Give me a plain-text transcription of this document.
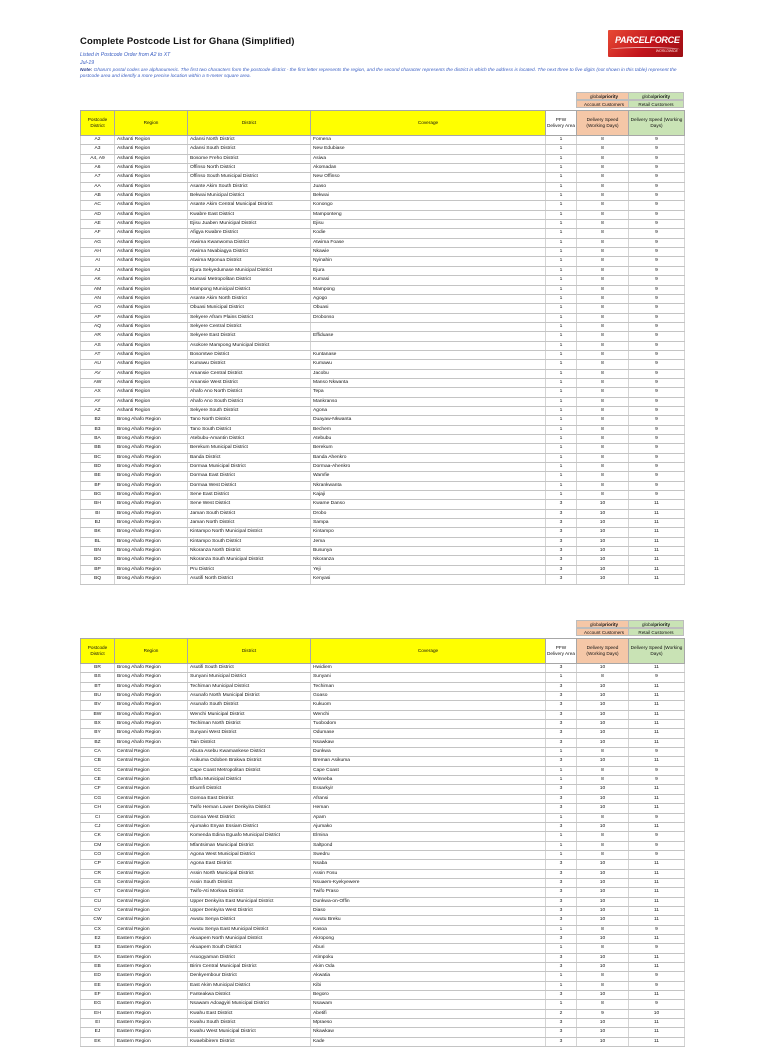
Complete Postcode List for Ghana (Simplified)
Listed in Postcode Order from A2 to XT
Jul-19
Note: Ghana's postal codes are alphanumeric. The first two characters form the postcode district - the first letter represents the region, and the second character represents the district in which the address is located. The next three to five digits (not shown in this table) represent the postcode area and identify a more precise location within a 5-meter square area.
PARCELFORCE
WORLDWIDE
globalpriority	globalpriority
Account Customers	Retail Customers
Postcode District	Region	District	Coverage	PFW Delivery Area	Delivery Speed (Working Days)	Delivery Speed (Working Days)
A2	Ashanti Region	Adansi North District	Fomena	1	8	9
A3	Ashanti Region	Adansi South District	New Edubiase	1	8	9
A4, A9	Ashanti Region	Bosome Freho District	Asiwa	1	8	9
A6	Ashanti Region	Offinso North District	Akomadan	1	8	9
A7	Ashanti Region	Offinso South Municipal District	New Offinso	1	8	9
AA	Ashanti Region	Asante Akim South District	Juaso	1	8	9
AB	Ashanti Region	Bekwai Municipal District	Bekwai	1	8	9
AC	Ashanti Region	Asante Akim Central Municipal District	Konongo	1	8	9
AD	Ashanti Region	Kwabre East District	Mamponteng	1	8	9
AE	Ashanti Region	Ejisu Juaben Municipal District	Ejisu	1	8	9
AF	Ashanti Region	Afigya Kwabre District	Kodie	1	8	9
AG	Ashanti Region	Atwima Kwanwoma District	Atwima Foase	1	8	9
AH	Ashanti Region	Atwima Nwabiagya District	Nkawie	1	8	9
AI	Ashanti Region	Atwima Mponua District	Nyinahin	1	8	9
AJ	Ashanti Region	Ejura Sekyedumase Municipal District	Ejura	1	8	9
AK	Ashanti Region	Kumasi Metropolitan District	Kumasi	1	8	9
AM	Ashanti Region	Mampong Municipal District	Mampong	1	8	9
AN	Ashanti Region	Asante Akim North District	Agogo	1	8	9
AO	Ashanti Region	Obuasi Municipal District	Obuasi	1	8	9
AP	Ashanti Region	Sekyere Afram Plains District	Drobonso	1	8	9
AQ	Ashanti Region	Sekyere Central District		1	8	9
AR	Ashanti Region	Sekyere East District	Effiduase	1	8	9
AS	Ashanti Region	Asokore Mampong Municipal District		1	8	9
AT	Ashanti Region	Bosomtwe District	Kuntanase	1	8	9
AU	Ashanti Region	Kumawu District	Kumawu	1	8	9
AV	Ashanti Region	Amansie Central District	Jacobu	1	8	9
AW	Ashanti Region	Amansie West District	Manso Nkwanta	1	8	9
AX	Ashanti Region	Ahafo Ano North District	Tepa	1	8	9
AY	Ashanti Region	Ahafo Ano South District	Mankranso	1	8	9
AZ	Ashanti Region	Sekyere South District	Agona	1	8	9
B2	Brong Ahafo Region	Tano North District	Duayaw-Nkwanta	1	8	9
B3	Brong Ahafo Region	Tano South District	Bechem	1	8	9
BA	Brong Ahafo Region	Atebubu-Amantin District	Atebubu	1	8	9
BB	Brong Ahafo Region	Berekum Municipal District	Berekum	1	8	9
BC	Brong Ahafo Region	Banda District	Banda Ahenkro	1	8	9
BD	Brong Ahafo Region	Dormaa Municipal District	Dormaa-Ahenkro	1	8	9
BE	Brong Ahafo Region	Dormaa East District	Wamfie	1	8	9
BF	Brong Ahafo Region	Dormaa West District	Nkrankwanta	1	8	9
BG	Brong Ahafo Region	Sene East District	Kajaji	1	8	9
BH	Brong Ahafo Region	Sene West District	Kwame Danso	3	10	11
BI	Brong Ahafo Region	Jaman South District	Drobo	3	10	11
BJ	Brong Ahafo Region	Jaman North District	Sampa	3	10	11
BK	Brong Ahafo Region	Kintampo North Municipal District	Kintampo	3	10	11
BL	Brong Ahafo Region	Kintampo South District	Jema	3	10	11
BN	Brong Ahafo Region	Nkoranza North District	Busunya	3	10	11
BO	Brong Ahafo Region	Nkoranza South Municipal District	Nkoranza	3	10	11
BP	Brong Ahafo Region	Pru District	Yeji	3	10	11
BQ	Brong Ahafo Region	Asutifi North District	Kenyasi	3	10	11
globalpriority	globalpriority
Account Customers	Retail Customers
Postcode District	Region	District	Coverage	PFW Delivery Area	Delivery Speed (Working Days)	Delivery Speed (Working Days)
BR	Brong Ahafo Region	Asutifi South District	Hwidiem	3	10	11
BS	Brong Ahafo Region	Sunyani Municipal District	Sunyani	1	8	9
BT	Brong Ahafo Region	Techiman Municipal District	Techiman	3	10	11
BU	Brong Ahafo Region	Asunafo North Municipal District	Goaso	3	10	11
BV	Brong Ahafo Region	Asunafo South District	Kukuom	3	10	11
BW	Brong Ahafo Region	Wenchi Municipal District	Wenchi	3	10	11
BX	Brong Ahafo Region	Techiman North District	Tuobodom	3	10	11
BY	Brong Ahafo Region	Sunyani West District	Odumase	3	10	11
BZ	Brong Ahafo Region	Tain District	Nsawkaw	3	10	11
CA	Central Region	Abura Asebu Kwamankese District	Dunkwa	1	8	9
CB	Central Region	Asikuma Odoben Brakwa District	Breman Asikuma	3	10	11
CC	Central Region	Cape Coast Metropolitan District	Cape Coast	1	8	9
CE	Central Region	Effutu Municipal District	Winneba	1	8	9
CF	Central Region	Ekumfi District	Essarkyir	3	10	11
CG	Central Region	Gomoa East District	Afransi	3	10	11
CH	Central Region	Twifo Heman Lower Denkyira District	Heman	3	10	11
CI	Central Region	Gomoa West District	Apam	1	8	9
CJ	Central Region	Ajumako Enyan Essiam District	Ajumako	3	10	11
CK	Central Region	Komenda Edina Eguafo Municipal District	Elmina	1	8	9
CM	Central Region	Mfantsiman Municipal District	Saltpond	1	8	9
CO	Central Region	Agona West Municipal District	Swedru	1	8	9
CP	Central Region	Agona East District	Nsaba	3	10	11
CR	Central Region	Assin North Municipal District	Assin Fosu	3	10	11
CS	Central Region	Assin South District	Nsuaem-Kyekyewere	3	10	11
CT	Central Region	Twifo-Ati Morkwa District	Twifo Praso	3	10	11
CU	Central Region	Upper Denkyira East Municipal District	Dunkwa-on-Offin	3	10	11
CV	Central Region	Upper Denkyira West District	Diaso	3	10	11
CW	Central Region	Awutu Senya District	Awutu Breku	3	10	11
CX	Central Region	Awutu Senya East Municipal District	Kasoa	1	8	9
E2	Eastern Region	Akuapem North Municipal District	Akropong	3	10	11
E3	Eastern Region	Akuapem South District	Aburi	1	8	9
EA	Eastern Region	Asuogyaman District	Atimpoku	3	10	11
EB	Eastern Region	Birim Central Municipal District	Akim Oda	3	10	11
ED	Eastern Region	Denkyembour District	Akwatia	1	8	9
EE	Eastern Region	East Akim Municipal District	Kibi	1	8	9
EF	Eastern Region	Fanteakwa District	Begoro	3	10	11
EG	Eastern Region	Nsawam Adoagyiri Municipal District	Nsawam	1	8	9
EH	Eastern Region	Kwahu East District	Abetifi	2	9	10
EI	Eastern Region	Kwahu South District	Mpraeso	3	10	11
EJ	Eastern Region	Kwahu West Municipal District	Nkawkaw	3	10	11
EK	Eastern Region	Kwaebibirem District	Kade	3	10	11
